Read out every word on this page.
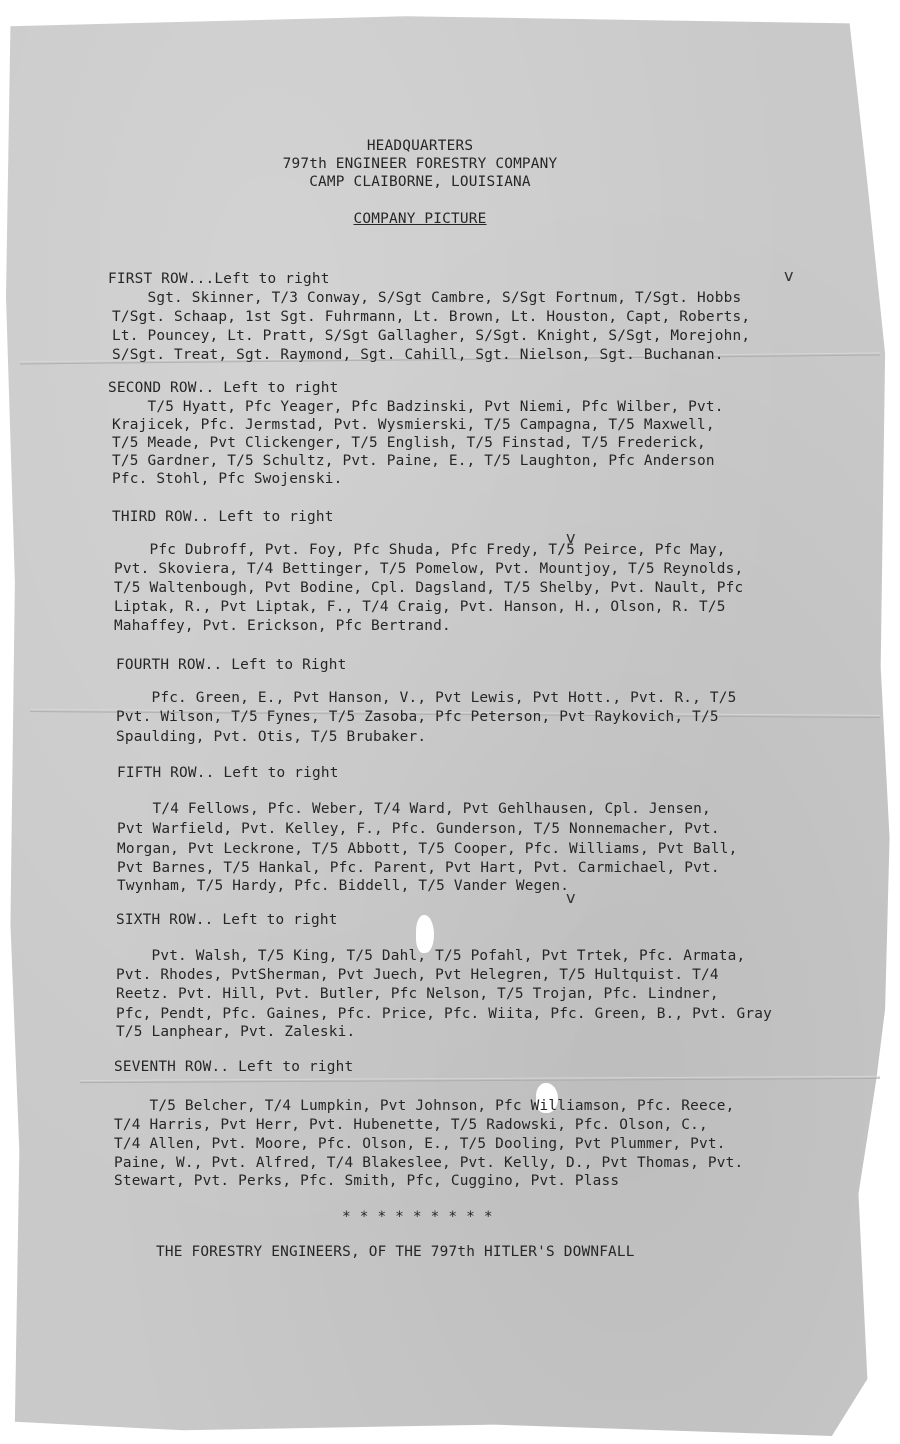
HEADQUARTERS
797th ENGINEER FORESTRY COMPANY
CAMP CLAIBORNE, LOUISIANA
COMPANY PICTURE
FIRST ROW...Left to right
Sgt. Skinner, T/3 Conway, S/Sgt Cambre, S/Sgt Fortnum, T/Sgt. Hobbs
T/Sgt. Schaap, 1st Sgt. Fuhrmann, Lt. Brown, Lt. Houston, Capt, Roberts,
Lt. Pouncey, Lt. Pratt, S/Sgt Gallagher, S/Sgt. Knight, S/Sgt, Morejohn,
S/Sgt. Treat, Sgt. Raymond, Sgt. Cahill, Sgt. Nielson, Sgt. Buchanan.
SECOND ROW.. Left to right
T/5 Hyatt, Pfc Yeager, Pfc Badzinski, Pvt Niemi, Pfc Wilber, Pvt.
Krajicek, Pfc. Jermstad, Pvt. Wysmierski, T/5 Campagna, T/5 Maxwell,
T/5 Meade, Pvt Clickenger, T/5 English, T/5 Finstad, T/5 Frederick,
T/5 Gardner, T/5 Schultz, Pvt. Paine, E., T/5 Laughton, Pfc Anderson
Pfc. Stohl, Pfc Swojenski.
THIRD ROW.. Left to right
Pfc Dubroff, Pvt. Foy, Pfc Shuda, Pfc Fredy, T/5 Peirce, Pfc May,
Pvt. Skoviera, T/4 Bettinger, T/5 Pomelow, Pvt. Mountjoy, T/5 Reynolds,
T/5 Waltenbough, Pvt Bodine, Cpl. Dagsland, T/5 Shelby, Pvt. Nault, Pfc
Liptak, R., Pvt Liptak, F., T/4 Craig, Pvt. Hanson, H., Olson, R. T/5
Mahaffey, Pvt. Erickson, Pfc Bertrand.
FOURTH ROW.. Left to Right
Pfc. Green, E., Pvt Hanson, V., Pvt Lewis, Pvt Hott., Pvt. R., T/5
Pvt. Wilson, T/5 Fynes, T/5 Zasoba, Pfc Peterson, Pvt Raykovich, T/5
Spaulding, Pvt. Otis, T/5 Brubaker.
FIFTH ROW.. Left to right
T/4 Fellows, Pfc. Weber, T/4 Ward, Pvt Gehlhausen, Cpl. Jensen,
Pvt Warfield, Pvt. Kelley, F., Pfc. Gunderson, T/5 Nonnemacher, Pvt.
Morgan, Pvt Leckrone, T/5 Abbott, T/5 Cooper, Pfc. Williams, Pvt Ball,
Pvt Barnes, T/5 Hankal, Pfc. Parent, Pvt Hart, Pvt. Carmichael, Pvt.
Twynham, T/5 Hardy, Pfc. Biddell, T/5 Vander Wegen.
SIXTH ROW.. Left to right
Pvt. Walsh, T/5 King, T/5 Dahl, T/5 Pofahl, Pvt Trtek, Pfc. Armata,
Pvt. Rhodes, PvtSherman, Pvt Juech, Pvt Helegren, T/5 Hultquist. T/4
Reetz. Pvt. Hill, Pvt. Butler, Pfc Nelson, T/5 Trojan, Pfc. Lindner,
Pfc, Pendt, Pfc. Gaines, Pfc. Price, Pfc. Wiita, Pfc. Green, B., Pvt. Gray
T/5 Lanphear, Pvt. Zaleski.
SEVENTH ROW.. Left to right
T/5 Belcher, T/4 Lumpkin, Pvt Johnson, Pfc Williamson, Pfc. Reece,
T/4 Harris, Pvt Herr, Pvt. Hubenette, T/5 Radowski, Pfc. Olson, C.,
T/4 Allen, Pvt. Moore, Pfc. Olson, E., T/5 Dooling, Pvt Plummer, Pvt.
Paine, W., Pvt. Alfred, T/4 Blakeslee, Pvt. Kelly, D., Pvt Thomas, Pvt.
Stewart, Pvt. Perks, Pfc. Smith, Pfc, Cuggino, Pvt. Plass
* * * * * * * * *
THE FORESTRY ENGINEERS, OF THE 797th HITLER'S DOWNFALL
v
v
v
